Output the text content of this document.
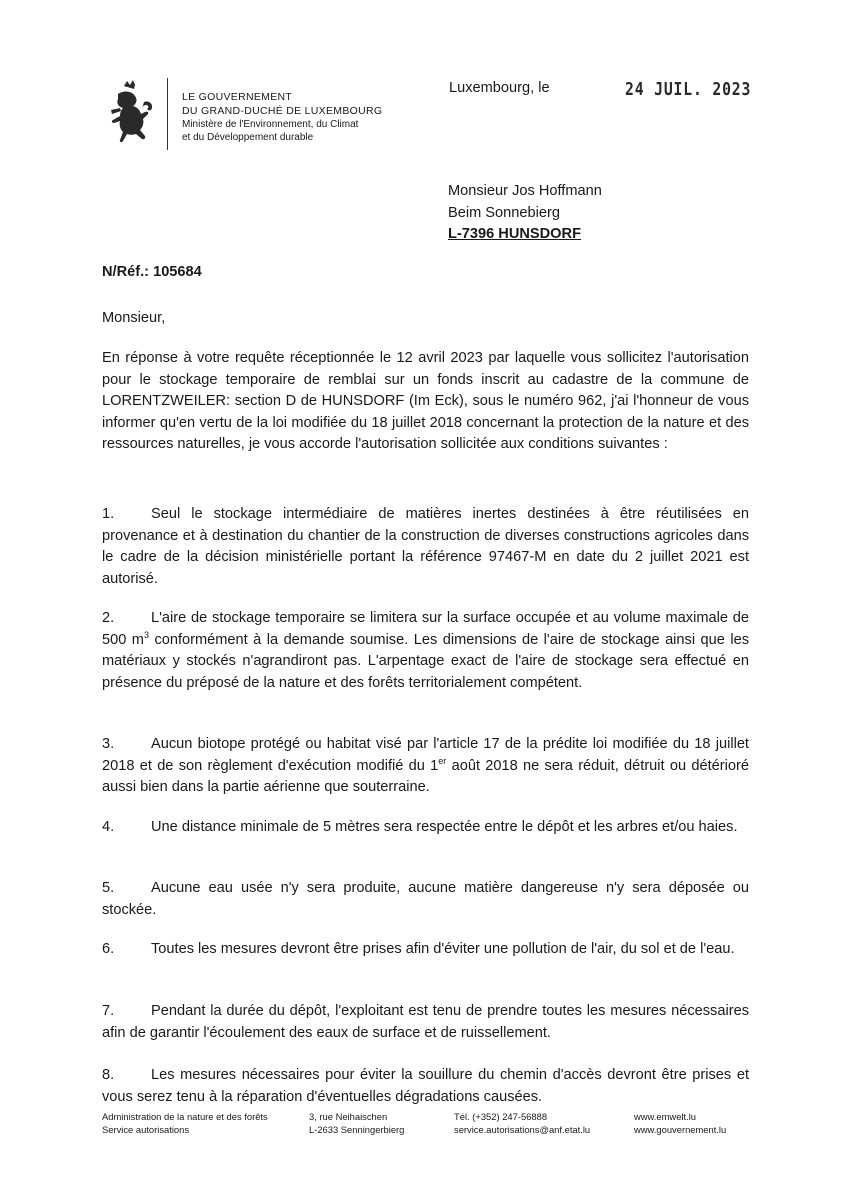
LE GOUVERNEMENT
DU GRAND-DUCHÉ DE LUXEMBOURG
Ministère de l'Environnement, du Climat
et du Développement durable
Luxembourg, le	24 JUIL. 2023
Monsieur Jos Hoffmann
Beim Sonnebierg
L-7396 HUNSDORF
N/Réf.: 105684
Monsieur,
En réponse à votre requête réceptionnée le 12 avril 2023 par laquelle vous sollicitez l'autorisation pour le stockage temporaire de remblai sur un fonds inscrit au cadastre de la commune de LORENTZWEILER: section D de HUNSDORF (Im Eck), sous le numéro 962, j'ai l'honneur de vous informer qu'en vertu de la loi modifiée du 18 juillet 2018 concernant la protection de la nature et des ressources naturelles, je vous accorde l'autorisation sollicitée aux conditions suivantes :
1.	Seul le stockage intermédiaire de matières inertes destinées à être réutilisées en provenance et à destination du chantier de la construction de diverses constructions agricoles dans le cadre de la décision ministérielle portant la référence 97467-M en date du 2 juillet 2021 est autorisé.
2.	L'aire de stockage temporaire se limitera sur la surface occupée et au volume maximale de 500 $m^3$ conformément à la demande soumise. Les dimensions de l'aire de stockage ainsi que les matériaux y stockés n'agrandiront pas. L'arpentage exact de l'aire de stockage sera effectué en présence du préposé de la nature et des forêts territorialement compétent.
3.	Aucun biotope protégé ou habitat visé par l'article 17 de la prédite loi modifiée du 18 juillet 2018 et de son règlement d'exécution modifié du 1er août 2018 ne sera réduit, détruit ou détérioré aussi bien dans la partie aérienne que souterraine.
4.	Une distance minimale de 5 mètres sera respectée entre le dépôt et les arbres et/ou haies.
5.	Aucune eau usée n'y sera produite, aucune matière dangereuse n'y sera déposée ou stockée.
6.	Toutes les mesures devront être prises afin d'éviter une pollution de l'air, du sol et de l'eau.
7.	Pendant la durée du dépôt, l'exploitant est tenu de prendre toutes les mesures nécessaires afin de garantir l'écoulement des eaux de surface et de ruissellement.
8.	Les mesures nécessaires pour éviter la souillure du chemin d'accès devront être prises et vous serez tenu à la réparation d'éventuelles dégradations causées.
Administration de la nature et des forêts
Service autorisations
3, rue Neihaischen
L-2633 Senningerbierg
Tél. (+352) 247-56888
service.autorisations@anf.etat.lu
www.emwelt.lu
www.gouvernement.lu
